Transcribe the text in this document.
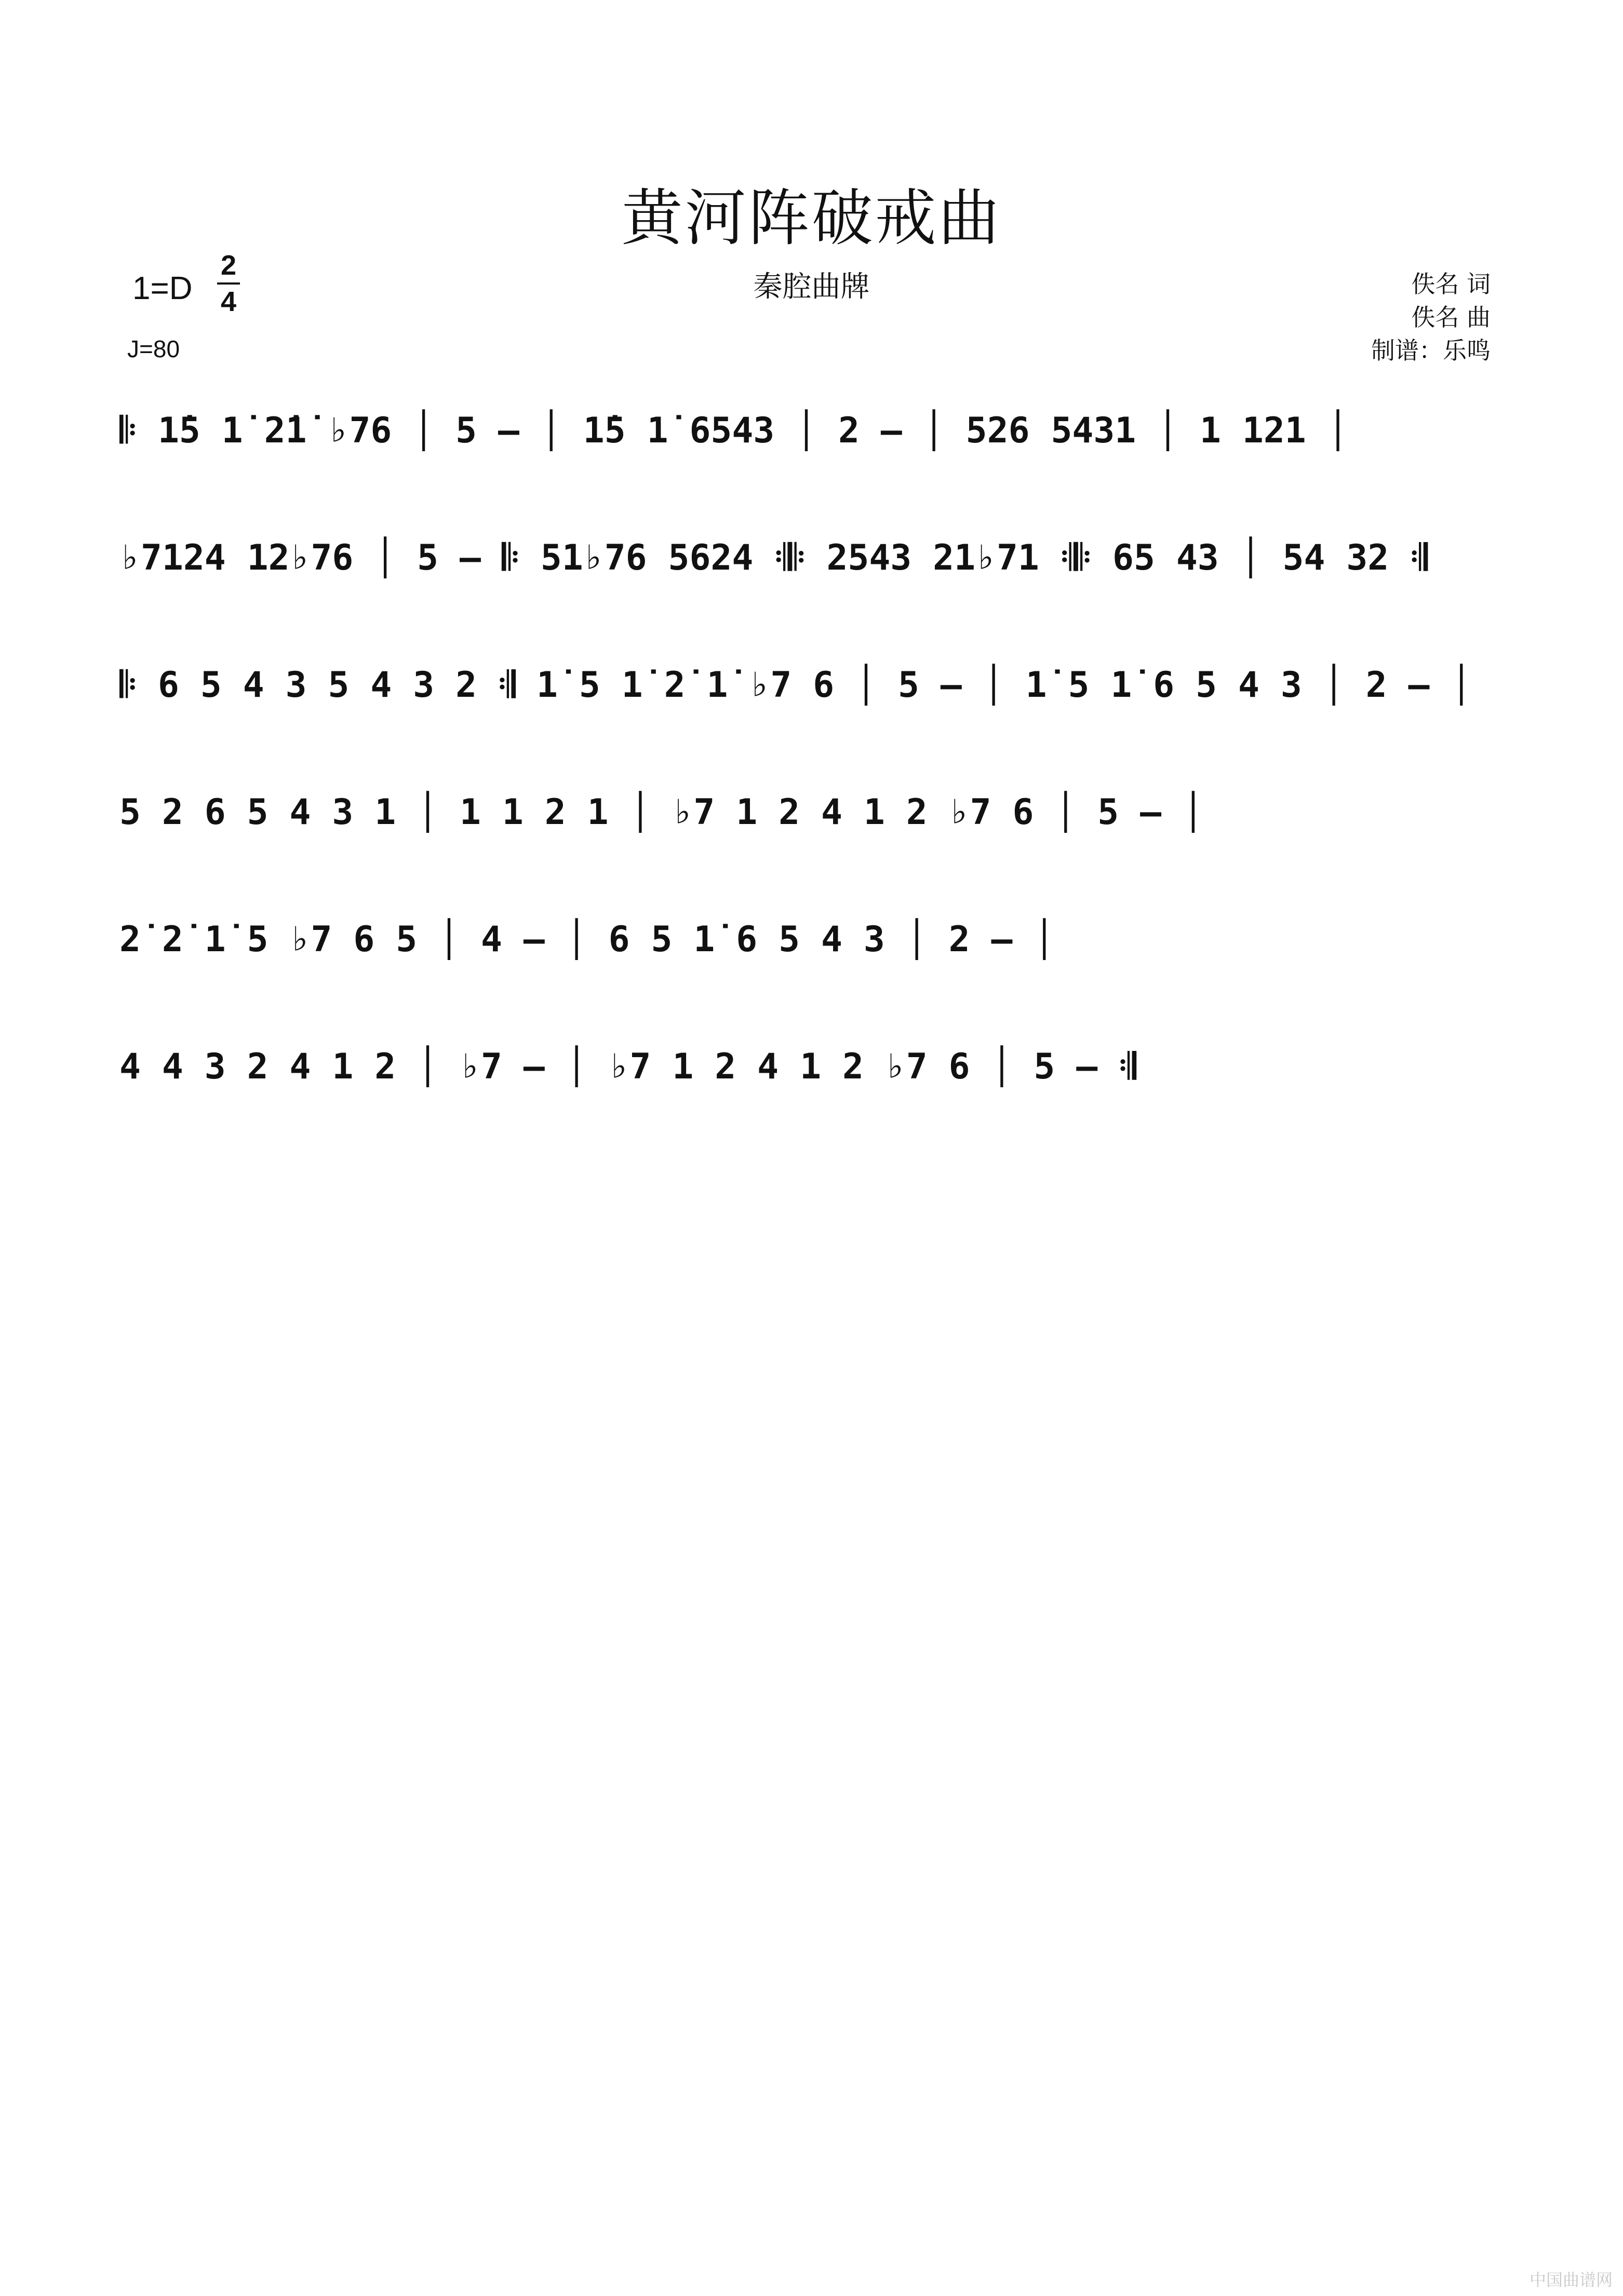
黄河阵破戒曲
秦腔曲牌
1=D
2
4
J=80
佚名 词
佚名 曲
制谱：乐鸣
𝄆 1̇5 1̇ 2̇1̇ ♭76 │ 5 – │ 1̇5 1̇ 6543 │ 2 – │ 526 5431 │ 1 121 │
♭7124 12♭76 │ 5 – 𝄆 51♭76 5624 𝄇𝄆 2543 21♭71 𝄇𝄆 65 43 │ 54 32 𝄇
𝄆 6 5 4 3 5 4 3 2 𝄇 1̇ 5 1̇ 2̇ 1̇ ♭7 6 │ 5 – │ 1̇ 5 1̇ 6 5 4 3 │ 2 – │
5 2 6 5 4 3 1 │ 1 1 2 1 │ ♭7 1 2 4 1 2 ♭7 6 │ 5 – │
2̇ 2̇ 1̇ 5 ♭7 6 5 │ 4 – │ 6 5 1̇ 6 5 4 3 │ 2 – │
4 4 3 2 4 1 2 │ ♭7 – │ ♭7 1 2 4 1 2 ♭7 6 │ 5 – 𝄇
中国曲谱网
